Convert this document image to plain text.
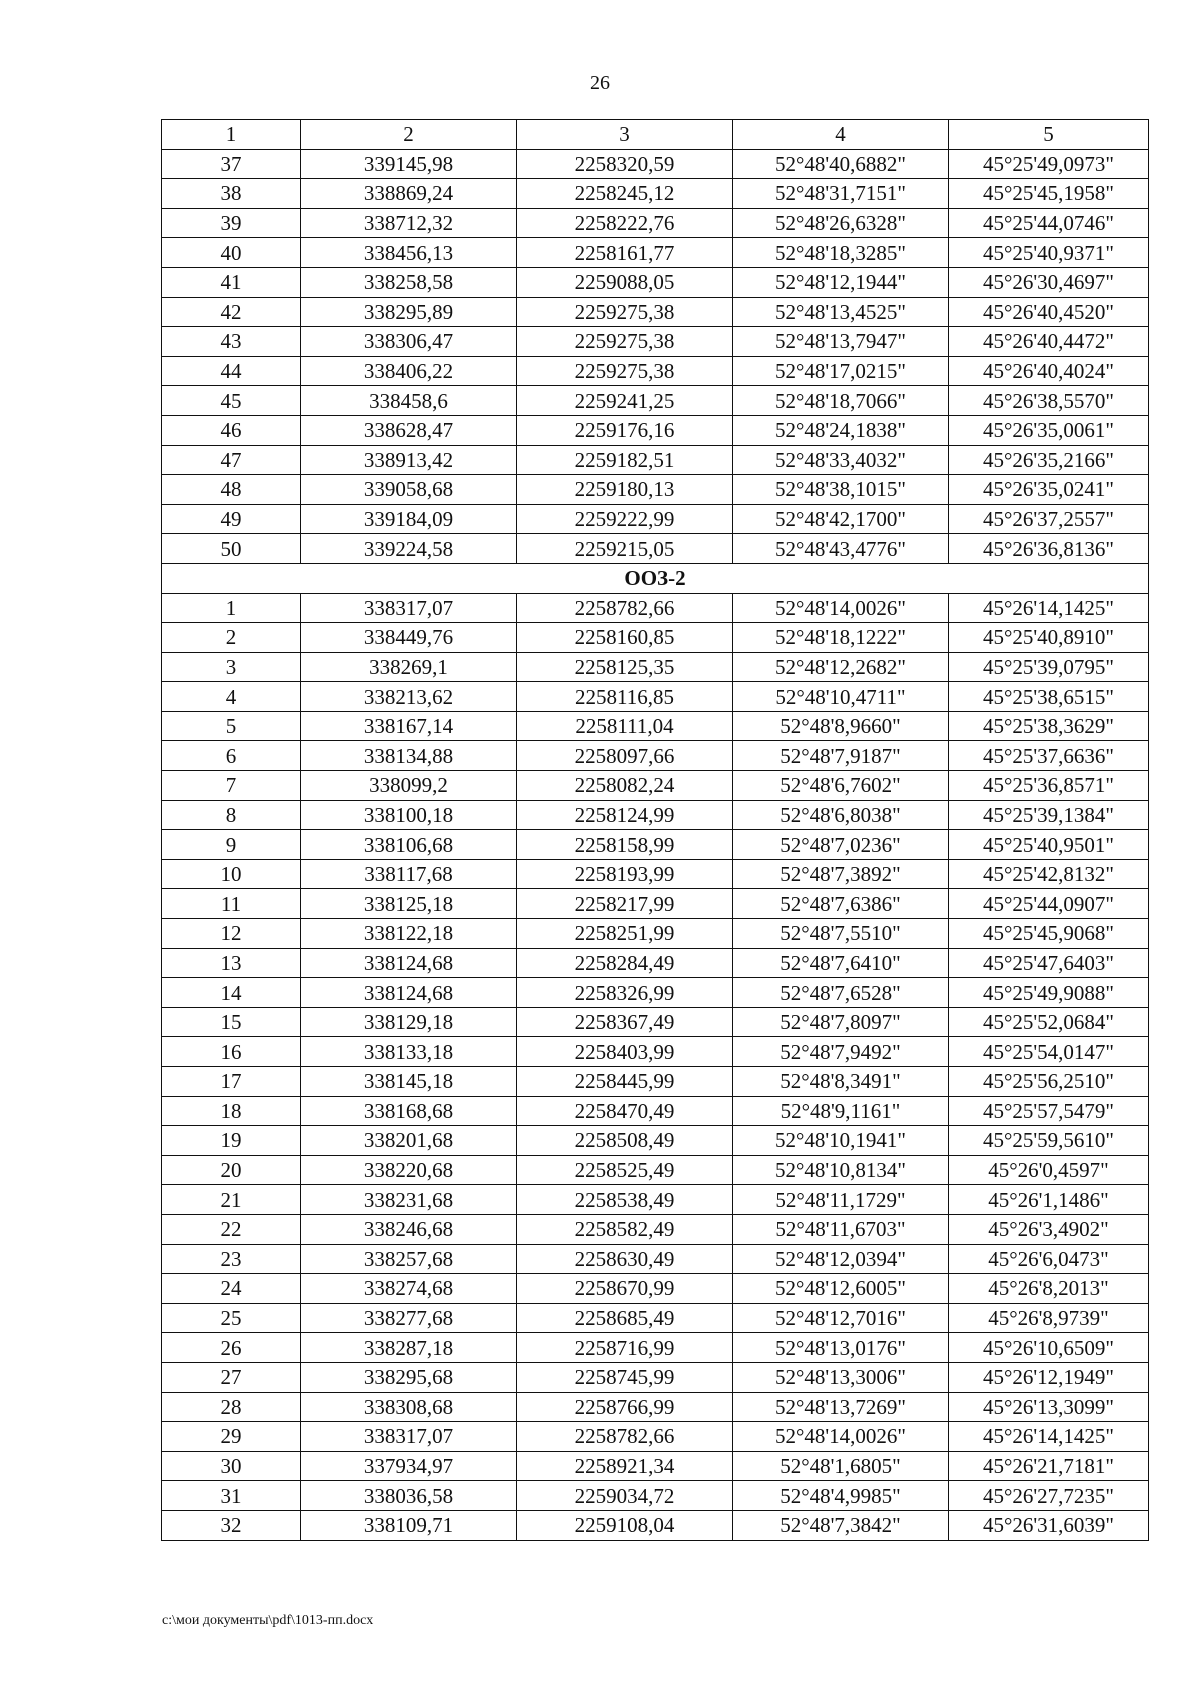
26
1	2	3	4	5
37	339145,98	2258320,59	52°48'40,6882"	45°25'49,0973"
38	338869,24	2258245,12	52°48'31,7151"	45°25'45,1958"
39	338712,32	2258222,76	52°48'26,6328"	45°25'44,0746"
40	338456,13	2258161,77	52°48'18,3285"	45°25'40,9371"
41	338258,58	2259088,05	52°48'12,1944"	45°26'30,4697"
42	338295,89	2259275,38	52°48'13,4525"	45°26'40,4520"
43	338306,47	2259275,38	52°48'13,7947"	45°26'40,4472"
44	338406,22	2259275,38	52°48'17,0215"	45°26'40,4024"
45	338458,6	2259241,25	52°48'18,7066"	45°26'38,5570"
46	338628,47	2259176,16	52°48'24,1838"	45°26'35,0061"
47	338913,42	2259182,51	52°48'33,4032"	45°26'35,2166"
48	339058,68	2259180,13	52°48'38,1015"	45°26'35,0241"
49	339184,09	2259222,99	52°48'42,1700"	45°26'37,2557"
50	339224,58	2259215,05	52°48'43,4776"	45°26'36,8136"
ООЗ-2				
1	338317,07	2258782,66	52°48'14,0026"	45°26'14,1425"
2	338449,76	2258160,85	52°48'18,1222"	45°25'40,8910"
3	338269,1	2258125,35	52°48'12,2682"	45°25'39,0795"
4	338213,62	2258116,85	52°48'10,4711"	45°25'38,6515"
5	338167,14	2258111,04	52°48'8,9660"	45°25'38,3629"
6	338134,88	2258097,66	52°48'7,9187"	45°25'37,6636"
7	338099,2	2258082,24	52°48'6,7602"	45°25'36,8571"
8	338100,18	2258124,99	52°48'6,8038"	45°25'39,1384"
9	338106,68	2258158,99	52°48'7,0236"	45°25'40,9501"
10	338117,68	2258193,99	52°48'7,3892"	45°25'42,8132"
11	338125,18	2258217,99	52°48'7,6386"	45°25'44,0907"
12	338122,18	2258251,99	52°48'7,5510"	45°25'45,9068"
13	338124,68	2258284,49	52°48'7,6410"	45°25'47,6403"
14	338124,68	2258326,99	52°48'7,6528"	45°25'49,9088"
15	338129,18	2258367,49	52°48'7,8097"	45°25'52,0684"
16	338133,18	2258403,99	52°48'7,9492"	45°25'54,0147"
17	338145,18	2258445,99	52°48'8,3491"	45°25'56,2510"
18	338168,68	2258470,49	52°48'9,1161"	45°25'57,5479"
19	338201,68	2258508,49	52°48'10,1941"	45°25'59,5610"
20	338220,68	2258525,49	52°48'10,8134"	45°26'0,4597"
21	338231,68	2258538,49	52°48'11,1729"	45°26'1,1486"
22	338246,68	2258582,49	52°48'11,6703"	45°26'3,4902"
23	338257,68	2258630,49	52°48'12,0394"	45°26'6,0473"
24	338274,68	2258670,99	52°48'12,6005"	45°26'8,2013"
25	338277,68	2258685,49	52°48'12,7016"	45°26'8,9739"
26	338287,18	2258716,99	52°48'13,0176"	45°26'10,6509"
27	338295,68	2258745,99	52°48'13,3006"	45°26'12,1949"
28	338308,68	2258766,99	52°48'13,7269"	45°26'13,3099"
29	338317,07	2258782,66	52°48'14,0026"	45°26'14,1425"
30	337934,97	2258921,34	52°48'1,6805"	45°26'21,7181"
31	338036,58	2259034,72	52°48'4,9985"	45°26'27,7235"
32	338109,71	2259108,04	52°48'7,3842"	45°26'31,6039"
c:\мои документы\pdf\1013-пп.docx
